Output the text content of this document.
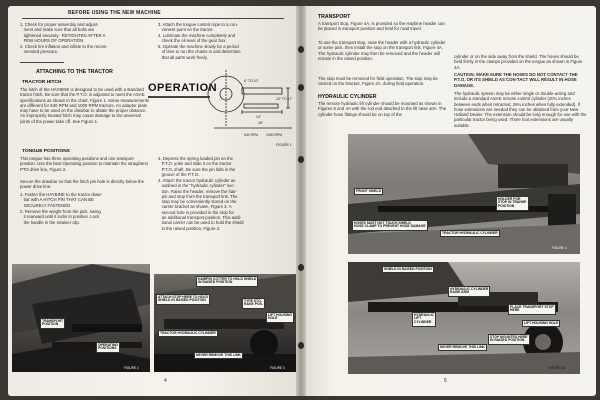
BEFORE USING THE NEW MACHINE
1. Check for proper assembly and adjust-
ment and make sure that all bolts are
tightened securely.  RETIGHTEN AFTER A
FEW HOURS OF OPERATION.
2. Check tire inflation and inflate to the recom-
mended pressure.
3. Attach the tongue control rope to a con-
venient point on the tractor.
4. Lubricate the machine completely and
check the oil level of the gear box.
5. Operate the machine slowly for a period
of time to run the chains in and determine
that all parts work freely.
ATTACHING TO THE TRACTOR
TRACTOR HITCH
The hitch of the HAYBINE is designed to be used with a standard tractor hitch. Be sure that the P.T.O. is adjusted to meet the ASAE specifications as shown in the chart, Figure 1. Some measurements are different for 540 RPM and 1000 RPM tractors. An adaptor plate may have to be used on the drawbar to obtain the proper distance. An improperly located hitch may cause damage to the universal joints of the power take off. See Figure 1.
TONGUE POSITIONS
This tongue has three operating positions and one transport position. Use the best Operating position to maintain the straightest PTO drive line, Figure 2.
Secure the drawbar so that the hitch pin hole is directly below the power drive line.
1. Fasten the HAYBINE to the tractor draw-
bar with A HITCH PIN THAT CAN BE
SECURELY FASTENED.
2. Remove the weight from the jack, swing
it rearward until it locks in position. Lock
the handle in the retainer clip.
OPERATION
6" TO 10"
14"
16"
13" TO 17"
540 RPM 1000 RPM
FIGURE 1
3. Depress the spring loaded pin on the
P.T.O. yoke and slide it on the tractor
P.T.O. shaft. Be sure the pin falls in the
groove of the P.T.O.
4. Attach the tractor hydraulic cylinder as
outlined in the "hydraulic cylinder" sec-
tion. Raise the header, remove the hair-
pin and stop from the transport link. The
stop may be conveniently stored on the
carrier bracket as shown, Figure 3. A
second hole is provided in the stop for
an additional transport position. This addi-
tional carrier can be used to hold the shield
in the raised position, Figure 3.
TRANSPORT
POSITION
OPERATING
POSITIONS
FIGURE 2
HAIRPIN COTTER TO HOLD SHIELD
IN RAISED POSITION
ATTACH STOP HERE TO HOLD
SHIELD IN RAISED POSITION	TYPE STO-
RAGE POS.
LIFT HOUSING
HOLE
TRACTOR HYDRAULIC CYLINDER
NEVER REMOVE THIS LINK
FIGURE 3
4
TRANSPORT
A transport stop, Figure 4A, is provided so the Haybine header can be placed in transport position and held for road travel.
To use the transport stop, raise the header with a hydraulic cylinder or some jack, then install the stop on the transport link, Figure 4A. The hydraulic cylinder may then be removed and the header will remain in the raised position.
The stop must be removed for field operation. The stop may be carried on the bracket, Figure 4A, during field operation.
HYDRAULIC CYLINDER
The remote hydraulic lift cylinder should be mounted as shown in Figures 5 and 4A with the rod end attached to the lift raise arm. The cylinder hose fittings should be on top of the
cylinder or on the side away from the shield. The hoses should be held firmly in the clamps provided on the tongue as shown in Figure 4A.
CAUTION: MAKE SURE THE HOSES DO NOT CONTACT THE P.T.O. OR ITS SHIELD AS CON-TACT WILL RESULT IN HOSE DAMAGE.
The hydraulic system may be either single or double-acting and include a standard ASAE remote control cylinder (20¼ inches between ends when retracted, 28¼ inches when fully extended). If hose extensions are needed they can be obtained from your New Holland Dealer. The extension should be long enough for use with the particular tractor being used. Three foot extensions are usually suitable.
FRONT SHIELD
HOLDER FOR
STOP IN TRANSP.
POSITION
HOSES MUST NOT TOUCH SHIELD
HOSE CLAMP TO PREVENT HOSE DAMAGE
TRACTOR HYDRAULIC CYLINDER
FIGURE 4
SHIELD IN RAISED POSITION
HYDRAULIC CYLINDER
RAISE ARM
HYDRAULIC
LIFT
CYLINDER
PLACE TRANSPORT STOP
HERE
LIFT HOUSING HOLE
NEVER REMOVE THIS LINK
STOP MOUNTED HERE
IN RAISED POSITION
FIGURE 4A
5
